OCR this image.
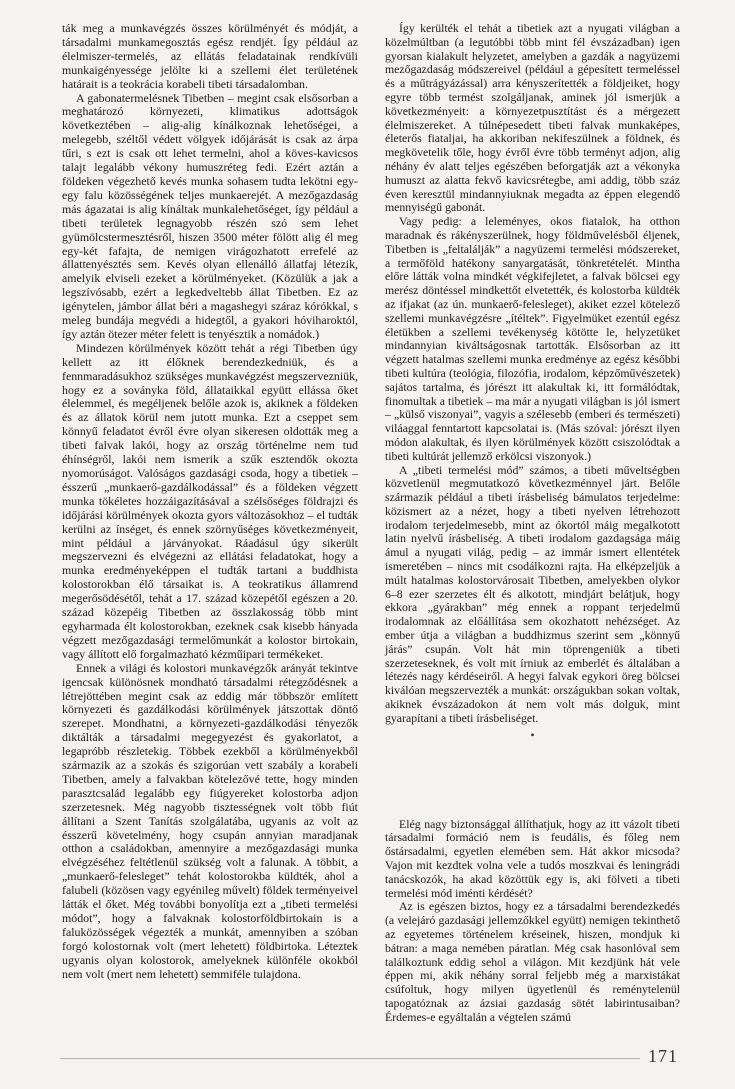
ták meg a munkavégzés összes körülményét és módját, a társadalmi munkamegosztás egész rendjét. Így például az élelmiszer-termelés, az ellátás feladatainak rendkívüli munkaigényessége jelölte ki a szellemi élet területének határait is a teokrácia korabeli tibeti társadalomban.

A gabonatermelésnek Tibetben – megint csak elsősorban a meghatározó környezeti, klimatikus adottságok következtében – alig-alig kínálkoznak lehetőségei, a melegebb, széltől védett völgyek időjárását is csak az árpa tűri, s ezt is csak ott lehet termelni, ahol a köves-kavicsos talajt legalább vékony humuszréteg fedi. Ezért aztán a földeken végezhető kevés munka sohasem tudta lekötni egy-egy falu közösségének teljes munkaerejét. A mezőgazdaság más ágazatai is alig kínáltak munkalehetőséget, így például a tibeti területek legnagyobb részén szó sem lehet gyümölcstermesztésről, hiszen 3500 méter fölött alig él meg egy-két fafajta, de nemigen virágozhatott errefelé az állattenyésztés sem. Kevés olyan ellenálló állatfaj létezik, amelyik elviseli ezeket a körülményeket. (Közülük a jak a legszívósabb, ezért a legkedveltebb állat Tibetben. Ez az igénytelen, jámbor állat béri a magashegyi száraz kórókkal, s meleg bundája megvédi a hidegtől, a gyakori hóviharoktól, így aztán ötezer méter felett is tenyésztik a nomádok.)

Mindezen körülmények között tehát a régi Tibetben úgy kellett az itt élőknek berendezkedniük, és a fennmaradásukhoz szükséges munkavégzést megszervezniük, hogy ez a soványka föld, állataikkal együtt ellássa őket élelemmel, és megéljenek belőle azok is, akiknek a földeken és az állatok körül nem jutott munka. Ezt a cseppet sem könnyű feladatot évről évre olyan sikeresen oldották meg a tibeti falvak lakói, hogy az ország történelme nem tud éhínségről, lakói nem ismerik a szűk esztendők okozta nyomorúságot. Valóságos gazdasági csoda, hogy a tibetiek – ésszerű „munkaerő-gazdálkodással” és a földeken végzett munka tökéletes hozzáigazításával a szélsőséges földrajzi és időjárási körülmények okozta gyors változásokhoz – el tudták kerülni az ínséget, és ennek szörnyűséges következményeit, mint például a járványokat. Ráadásul úgy sikerült megszervezni és elvégezni az ellátási feladatokat, hogy a munka eredményeképpen el tudták tartani a buddhista kolostorokban élő társaikat is. A teokratikus államrend megerősödésétől, tehát a 17. század közepétől egészen a 20. század közepéig Tibetben az összlakosság több mint egyharmada élt kolostorokban, ezeknek csak kisebb hányada végzett mezőgazdasági termelőmunkát a kolostor birtokain, vagy állított elő forgalmazható kézműipari termékeket.

Ennek a világi és kolostori munkavégzők arányát tekintve igencsak különösnek mondható társadalmi rétegződésnek a létrejöttében megint csak az eddig már többször említett környezeti és gazdálkodási körülmények játszottak döntő szerepet. Mondhatni, a környezeti-gazdálkodási tényezők diktálták a társadalmi megegyezést és gyakorlatot, a legapróbb részletekig. Többek ezekből a körülményekből származik az a szokás és szigorúan vett szabály a korabeli Tibetben, amely a falvakban kötelezővé tette, hogy minden parasztcsalád legalább egy fiúgyereket kolostorba adjon szerzetesnek. Még nagyobb tisztességnek volt több fiút állítani a Szent Tanítás szolgálatába, ugyanis az volt az ésszerű követelmény, hogy csupán annyian maradjanak otthon a családokban, amennyire a mezőgazdasági munka elvégzéséhez feltétlenül szükség volt a falunak. A többit, a „munkaerő-felesleget” tehát kolostorokba küldték, ahol a falubeli (közösen vagy egyénileg művelt) földek terményeivel látták el őket. Még további bonyolítja ezt a „tibeti termelési módot”, hogy a falvaknak kolostorföldbirtokain is a faluközösségek végezték a munkát, amennyiben a szóban forgó kolostornak volt (mert lehetett) földbirtoka. Léteztek ugyanis olyan kolostorok, amelyeknek különféle okokból nem volt (mert nem lehetett) semmiféle tulajdona.

Így kerülték el tehát a tibetiek azt a nyugati világban a közelmúltban (a legutóbbi több mint fél évszázadban) igen gyorsan kialakult helyzetet, amelyben a gazdák a nagyüzemi mezőgazdaság módszereivel (például a gépesített termeléssel és a műtrágyázással) arra kényszerítették a földjeiket, hogy egyre több termést szolgáljanak, aminek jól ismerjük a következményeit: a környezetpusztítást és a mérgezett élelmiszereket. A túlnépesedett tibeti falvak munkaképes, életerős fiataljai, ha akkoriban nekifeszülnek a földnek, és megkövetelik tőle, hogy évről évre több terményt adjon, alig néhány év alatt teljes egészében beforgatják azt a vékonyka humuszt az alatta fekvő kavicsrétegbe, ami addig, több száz éven keresztül mindannyiuknak megadta az éppen elegendő mennyiségű gabonát.

Vagy pedig: a leleményes, okos fiatalok, ha otthon maradnak és rákényszerülnek, hogy földművelésből éljenek, Tibetben is „feltalálják” a nagyüzemi termelési módszereket, a termőföld hatékony sanyargatását, tönkretételét. Mintha előre látták volna mindkét végkifejletet, a falvak bölcsei egy merész döntéssel mindkettőt elvetették, és kolostorba küldték az ifjakat (az ún. munkaerő-felesleget), akiket ezzel kötelező szellemi munkavégzésre „ítéltek”. Figyelmüket ezentúl egész életükben a szellemi tevékenység kötötte le, helyzetüket mindannyian kiváltságosnak tartották. Elsősorban az itt végzett hatalmas szellemi munka eredménye az egész későbbi tibeti kultúra (teológia, filozófia, irodalom, képzőművészetek) sajátos tartalma, és jórészt itt alakultak ki, itt formálódtak, finomultak a tibetiek – ma már a nyugati világban is jól ismert – „külső viszonyai”, vagyis a szélesebb (emberi és természeti) viláaggal fenntartott kapcsolatai is. (Más szóval: jórészt ilyen módon alakultak, és ilyen körülmények között csiszolódtak a tibeti kultúrát jellemző erkölcsi viszonyok.)

A „tibeti termelési mód” számos, a tibeti műveltségben közvetlenül megmutatkozó következménnyel járt. Belőle származik például a tibeti írásbeliség bámulatos terjedelme: közismert az a nézet, hogy a tibeti nyelven létrehozott irodalom terjedelmesebb, mint az ókortól máig megalkotott latin nyelvű írásbeliség. A tibeti irodalom gazdagsága máig ámul a nyugati világ, pedig – az immár ismert ellentétek ismeretében – nincs mit csodálkozni rajta. Ha elképzeljük a múlt hatalmas kolostorvárosait Tibetben, amelyekben olykor 6–8 ezer szerzetes élt és alkotott, mindjárt belátjuk, hogy ekkora „gyárakban” még ennek a roppant terjedelmű irodalomnak az előállítása sem okozhatott nehézséget. Az ember útja a világban a buddhizmus szerint sem „könnyű járás” csupán. Volt hát min töprengeniük a tibeti szerzeteseknek, és volt mit írniuk az emberlét és általában a létezés nagy kérdéseiről. A hegyi falvak egykori öreg bölcsei kiválóan megszervezték a munkát: országukban sokan voltak, akiknek évszázadokon át nem volt más dolguk, mint gyarapítani a tibeti írásbeliséget.

•

Elég nagy biztonsággal állíthatjuk, hogy az itt vázolt tibeti társadalmi formáció nem is feudális, és főleg nem őstársadalmi, egyetlen elemében sem. Hát akkor micsoda? Vajon mit kezdtek volna vele a tudós moszkvai és leningrádi tanácskozók, ha akad közöttük egy is, aki fölveti a tibeti termelési mód iménti kérdését?

Az is egészen biztos, hogy ez a társadalmi berendezkedés (a velejáró gazdasági jellemzőkkel együtt) nemigen tekinthető az egyetemes történelem kréseinek, hiszen, mondjuk ki bátran: a maga nemében páratlan. Még csak hasonlóval sem találkoztunk eddig sehol a világon. Mit kezdjünk hát vele éppen mi, akik néhány sorral feljebb még a marxistákat csúfoltuk, hogy milyen ügyetlenül és reménytelenül tapogatóznak az ázsiai gazdaság sötét labirintusaiban? Érdemes-e egyáltalán a végtelen számú

171
